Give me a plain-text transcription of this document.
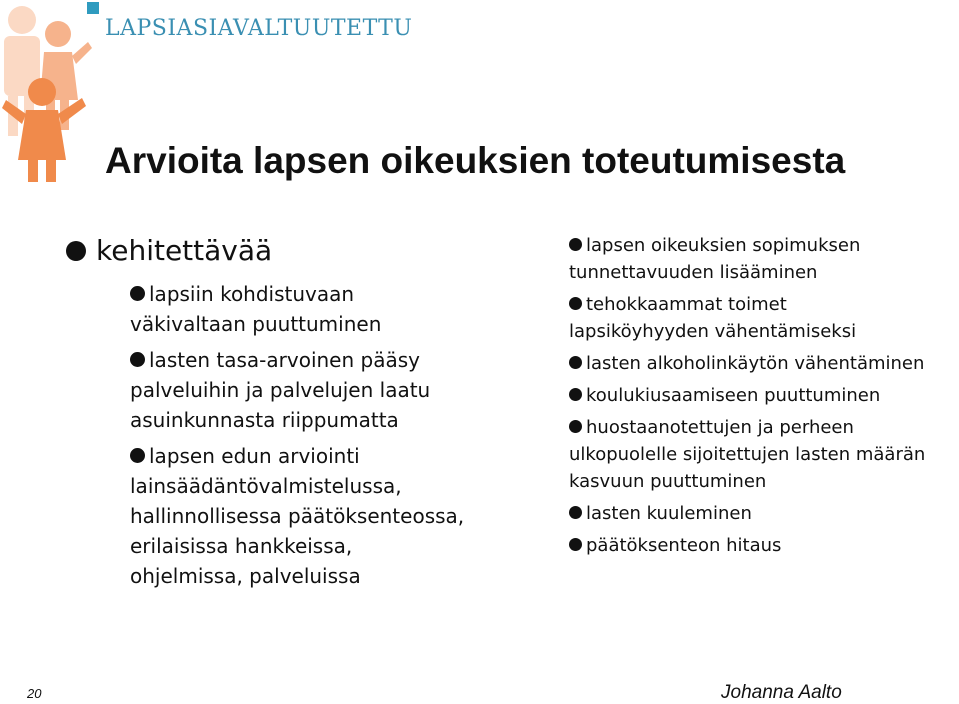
LAPSIASIAVALTUUTETTU
Arvioita lapsen oikeuksien toteutumisesta
kehitettävää
lapsiin kohdistuvaan
väkivaltaan puuttuminen
lasten tasa-arvoinen pääsy
palveluihin ja palvelujen laatu
asuinkunnasta riippumatta
lapsen edun arviointi
lainsäädäntövalmistelussa,
hallinnollisessa päätöksenteossa,
erilaisissa hankkeissa,
ohjelmissa, palveluissa
lapsen oikeuksien sopimuksen
tunnettavuuden lisääminen
tehokkaammat toimet
lapsiköyhyyden vähentämiseksi
lasten alkoholinkäytön vähentäminen
koulukiusaamiseen puuttuminen
huostaanotettujen ja perheen
ulkopuolelle sijoitettujen lasten määrän
kasvuun puuttuminen
lasten kuuleminen
päätöksenteon hitaus
20	Johanna Aalto
